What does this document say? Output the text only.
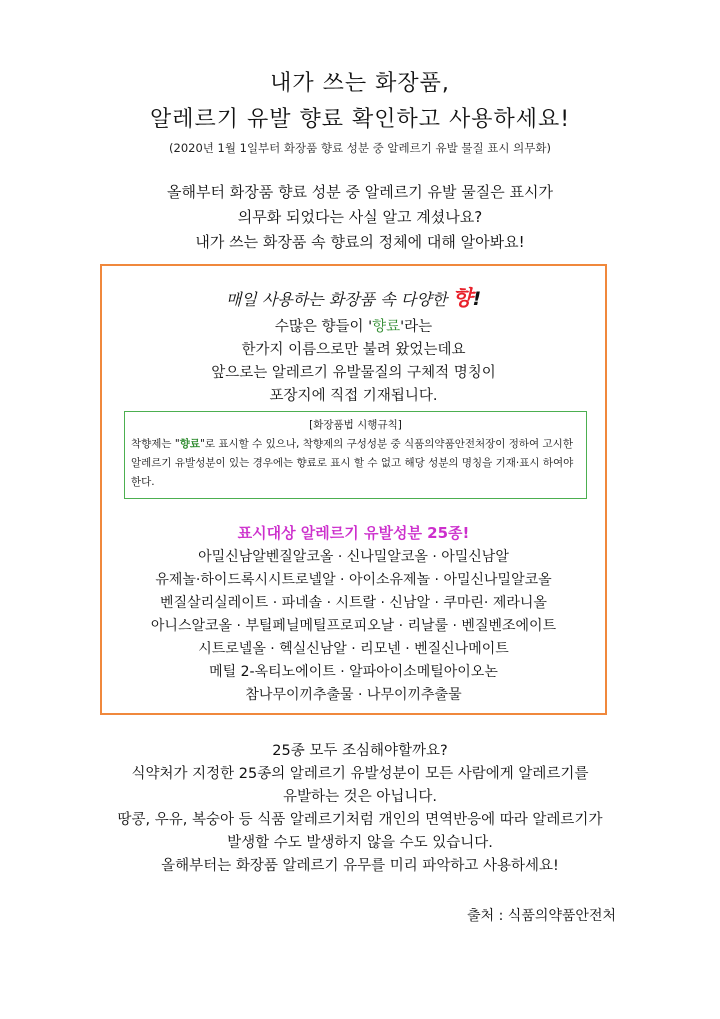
내가 쓰는 화장품,
알레르기 유발 향료 확인하고 사용하세요!
(2020년 1월 1일부터 화장품 향료 성분 중 알레르기 유발 물질 표시 의무화)
올해부터 화장품 향료 성분 중 알레르기 유발 물질은 표시가
의무화 되었다는 사실 알고 계셨나요?
내가 쓰는 화장품 속 향료의 정체에 대해 알아봐요!
매일 사용하는 화장품 속 다양한 향!
수많은 향들이 '향료'라는
한가지 이름으로만 불려 왔었는데요
앞으로는 알레르기 유발물질의 구체적 명칭이
포장지에 직접 기재됩니다.
[화장품법 시행규칙]
착향제는 "향료"로 표시할 수 있으나, 착향제의 구성성분 중 식품의약품안전처장이 정하여 고시한 알레르기 유발성분이 있는 경우에는 향료로 표시 할 수 없고 해당 성분의 명칭을 기재·표시 하여야 한다.
표시대상 알레르기 유발성분 25종!
아밀신남알벤질알코올 · 신나밀알코올 · 아밀신남알
유제놀·하이드록시시트로넬알 · 아이소유제놀 · 아밀신나밀알코올
벤질살리실레이트 · 파네솔 · 시트랄 · 신남알 · 쿠마린· 제라니올
아니스알코올 · 부틸페닐메틸프로피오날 · 리날룰 · 벤질벤조에이트
시트로넬올 · 헥실신남알 · 리모넨 · 벤질신나메이트
메틸 2-옥티노에이트 · 알파아이소메틸아이오논
참나무이끼추출물 · 나무이끼추출물
25종 모두 조심해야할까요?
식약처가 지정한 25종의 알레르기 유발성분이 모든 사람에게 알레르기를
유발하는 것은 아닙니다.
땅콩, 우유, 복숭아 등 식품 알레르기처럼 개인의 면역반응에 따라 알레르기가
발생할 수도 발생하지 않을 수도 있습니다.
올해부터는 화장품 알레르기 유무를 미리 파악하고 사용하세요!
출처 : 식품의약품안전처
